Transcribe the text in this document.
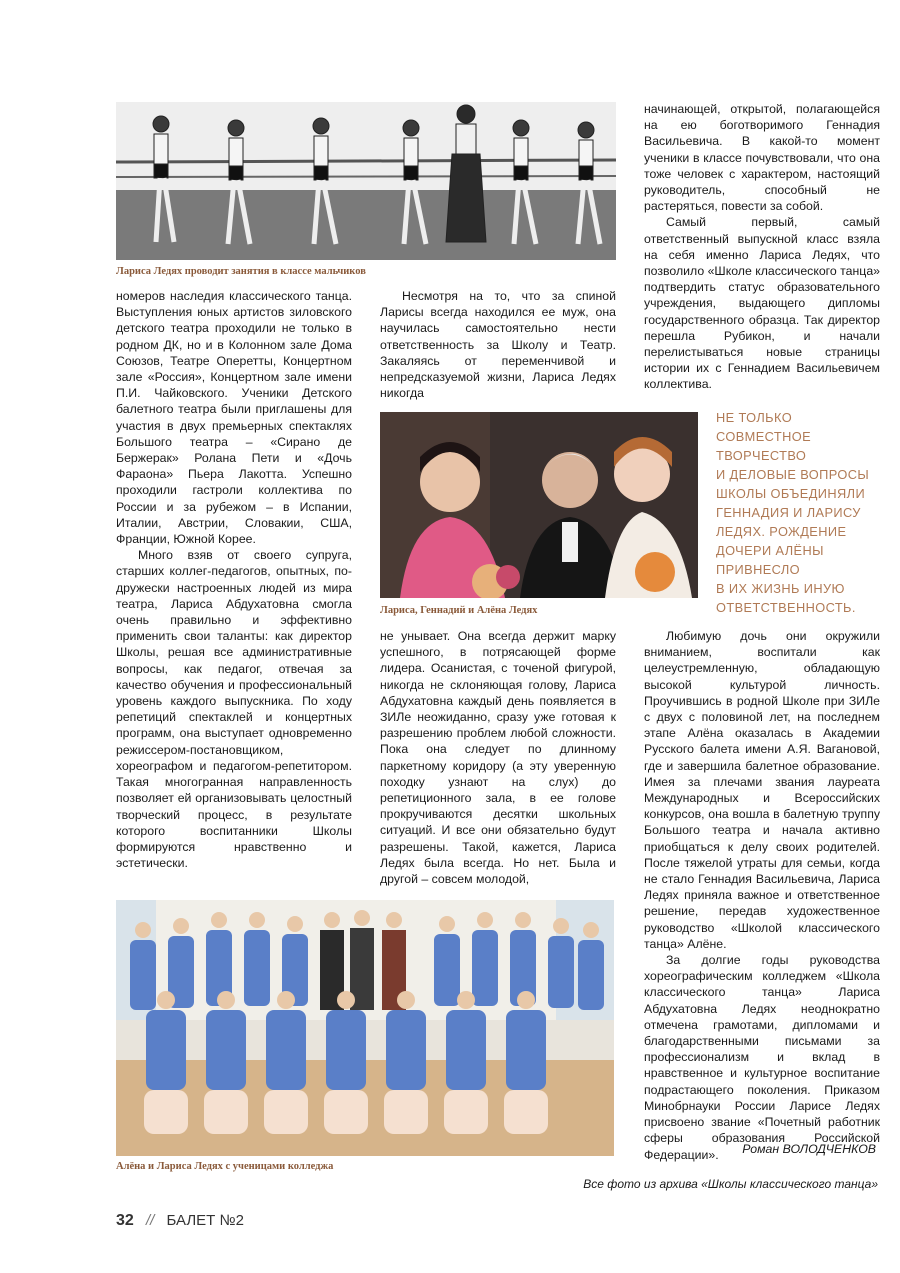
Лариса Ледях проводит занятия в классе мальчиков

номеров наследия классического танца. Выступления юных артистов зиловского детского театра проходили не только в родном ДК, но и в Колонном зале Дома Союзов, Театре Оперетты, Концертном зале «Россия», Концертном зале имени П.И. Чайковского. Ученики Детского балетного театра были приглашены для участия в двух премьерных спектаклях Большого театра – «Сирано де Бержерак» Ролана Пети и «Дочь Фараона» Пьера Лакотта. Успешно проходили гастроли коллектива по России и за рубежом – в Испании, Италии, Австрии, Словакии, США, Франции, Южной Корее.

Много взяв от своего супруга, старших коллег-педагогов, опытных, по-дружески настроенных людей из мира театра, Лариса Абдухатовна смогла очень правильно и эффективно применить свои таланты: как директор Школы, решая все административные вопросы, как педагог, отвечая за качество обучения и профессиональный уровень каждого выпускника. По ходу репетиций спектаклей и концертных программ, она выступает одновременно режиссером-постановщиком, хореографом и педагогом-репетитором. Такая многогранная направленность позволяет ей организовывать целостный творческий процесс, в результате которого воспитанники Школы формируются нравственно и эстетически.

Несмотря на то, что за спиной Ларисы всегда находился ее муж, она научилась самостоятельно нести ответственность за Школу и Театр. Закаляясь от переменчивой и непредсказуемой жизни, Лариса Ледях никогда

начинающей, открытой, полагающейся на ею боготворимого Геннадия Васильевича. В какой-то момент ученики в классе почувствовали, что она тоже человек с характером, настоящий руководитель, способный не растеряться, повести за собой.

Самый первый, самый ответственный выпускной класс взяла на себя именно Лариса Ледях, что позволило «Школе классического танца» подтвердить статус образовательного учреждения, выдающего дипломы государственного образца. Так директор перешла Рубикон, и начали перелистываться новые страницы истории их с Геннадием Васильевичем коллектива.

Лариса, Геннадий и Алёна Ледях
НЕ ТОЛЬКО
СОВМЕСТНОЕ
ТВОРЧЕСТВО
И ДЕЛОВЫЕ ВОПРОСЫ
ШКОЛЫ ОБЪЕДИНЯЛИ
ГЕННАДИЯ И ЛАРИСУ
ЛЕДЯХ. РОЖДЕНИЕ
ДОЧЕРИ АЛЁНЫ
ПРИВНЕСЛО
В ИХ ЖИЗНЬ ИНУЮ
ОТВЕТСТВЕННОСТЬ.

не унывает. Она всегда держит марку успешного, в потрясающей форме лидера. Осанистая, с точеной фигурой, никогда не склоняющая голову, Лариса Абдухатовна каждый день появляется в ЗИЛе неожиданно, сразу уже готовая к разрешению проблем любой сложности. Пока она следует по длинному паркетному коридору (а эту уверенную походку узнают на слух) до репетиционного зала, в ее голове прокручиваются десятки школьных ситуаций. И все они обязательно будут разрешены. Такой, кажется, Лариса Ледях была всегда. Но нет. Была и другой – совсем молодой,

Любимую дочь они окружили вниманием, воспитали как целеустремленную, обладающую высокой культурой личность. Проучившись в родной Школе при ЗИЛе с двух с половиной лет, на последнем этапе Алёна оказалась в Академии Русского балета имени А.Я. Вагановой, где и завершила балетное образование. Имея за плечами звания лауреата Международных и Всероссийских конкурсов, она вошла в балетную труппу Большого театра и начала активно приобщаться к делу своих родителей. После тяжелой утраты для семьи, когда не стало Геннадия Васильевича, Лариса Ледях приняла важное и ответственное решение, передав художественное руководство «Школой классического танца» Алёне.

За долгие годы руководства хореографическим колледжем «Школа классического танца» Лариса Абдухатовна Ледях неоднократно отмечена грамотами, дипломами и благодарственными письмами за профессионализм и вклад в нравственное и культурное воспитание подрастающего поколения. Приказом Минобрнауки России Ларисе Ледях присвоено звание «Почетный работник сферы образования Российской Федерации».

Алёна и Лариса Ледях с ученицами колледжа
Роман ВОЛОДЧЕНКОВ
Все фото из архива «Школы классического танца»
32 // БАЛЕТ №2
